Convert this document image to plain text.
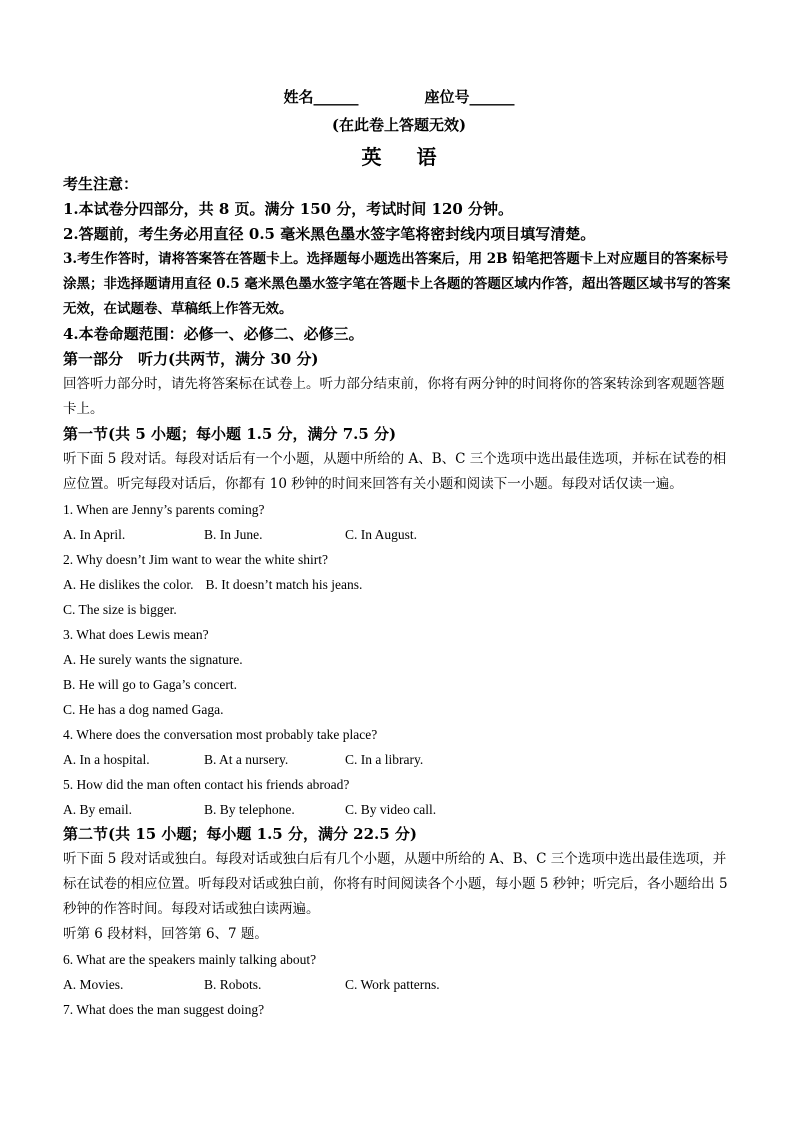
姓名______	座位号______
(在此卷上答题无效)
英 语
考生注意：
1.本试卷分四部分，共 8 页。满分 150 分，考试时间 120 分钟。
2.答题前，考生务必用直径 0.5 毫米黑色墨水签字笔将密封线内项目填写清楚。
3.考生作答时，请将答案答在答题卡上。选择题每小题选出答案后，用 2B 铅笔把答题卡上对应题目的答案标号涂黑；非选择题请用直径 0.5 毫米黑色墨水签字笔在答题卡上各题的答题区域内作答，超出答题区域书写的答案无效，在试题卷、草稿纸上作答无效。
4.本卷命题范围：必修一、必修二、必修三。
第一部分　听力(共两节，满分 30 分)
回答听力部分时，请先将答案标在试卷上。听力部分结束前，你将有两分钟的时间将你的答案转涂到客观题答题卡上。
第一节(共 5 小题；每小题 1.5 分，满分 7.5 分)
听下面 5 段对话。每段对话后有一个小题，从题中所给的 A、B、C 三个选项中选出最佳选项，并标在试卷的相应位置。听完每段对话后，你都有 10 秒钟的时间来回答有关小题和阅读下一小题。每段对话仅读一遍。
1. When are Jenny’s parents coming?
A. In April.	B. In June.	C. In August.
2. Why doesn’t Jim want to wear the white shirt?
A. He dislikes the color. B. It doesn’t match his jeans.
C. The size is bigger.
3. What does Lewis mean?
A. He surely wants the signature.
B. He will go to Gaga’s concert.
C. He has a dog named Gaga.
4. Where does the conversation most probably take place?
A. In a hospital.	B. At a nursery.	C. In a library.
5. How did the man often contact his friends abroad?
A. By email.	B. By telephone.	C. By video call.
第二节(共 15 小题；每小题 1.5 分，满分 22.5 分)
听下面 5 段对话或独白。每段对话或独白后有几个小题，从题中所给的 A、B、C 三个选项中选出最佳选项，并标在试卷的相应位置。听每段对话或独白前，你将有时间阅读各个小题，每小题 5 秒钟；听完后，各小题给出 5 秒钟的作答时间。每段对话或独白读两遍。
听第 6 段材料，回答第 6、7 题。
6. What are the speakers mainly talking about?
A. Movies.	B. Robots.	C. Work patterns.
7. What does the man suggest doing?
